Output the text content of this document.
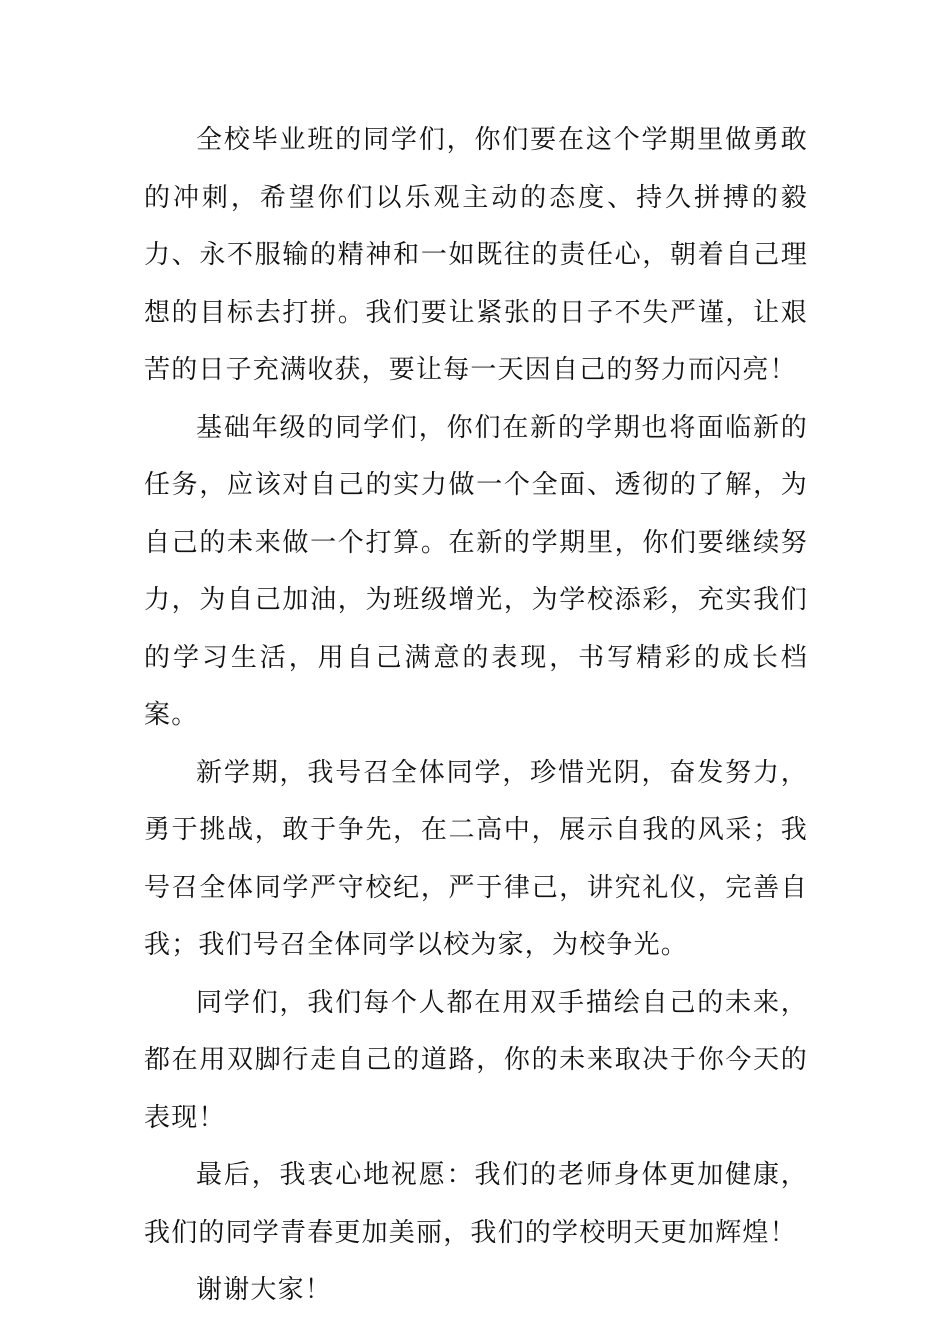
全校毕业班的同学们，你们要在这个学期里做勇敢的冲刺，希望你们以乐观主动的态度、持久拼搏的毅力、永不服输的精神和一如既往的责任心，朝着自己理想的目标去打拼。我们要让紧张的日子不失严谨，让艰苦的日子充满收获，要让每一天因自己的努力而闪亮！

基础年级的同学们，你们在新的学期也将面临新的任务，应该对自己的实力做一个全面、透彻的了解，为自己的未来做一个打算。在新的学期里，你们要继续努力，为自己加油，为班级增光，为学校添彩，充实我们的学习生活，用自己满意的表现，书写精彩的成长档案。

新学期，我号召全体同学，珍惜光阴，奋发努力，勇于挑战，敢于争先，在二高中，展示自我的风采；我号召全体同学严守校纪，严于律己，讲究礼仪，完善自我；我们号召全体同学以校为家，为校争光。

同学们，我们每个人都在用双手描绘自己的未来，都在用双脚行走自己的道路，你的未来取决于你今天的表现！

最后，我衷心地祝愿：我们的老师身体更加健康，我们的同学青春更加美丽，我们的学校明天更加辉煌！

谢谢大家！
